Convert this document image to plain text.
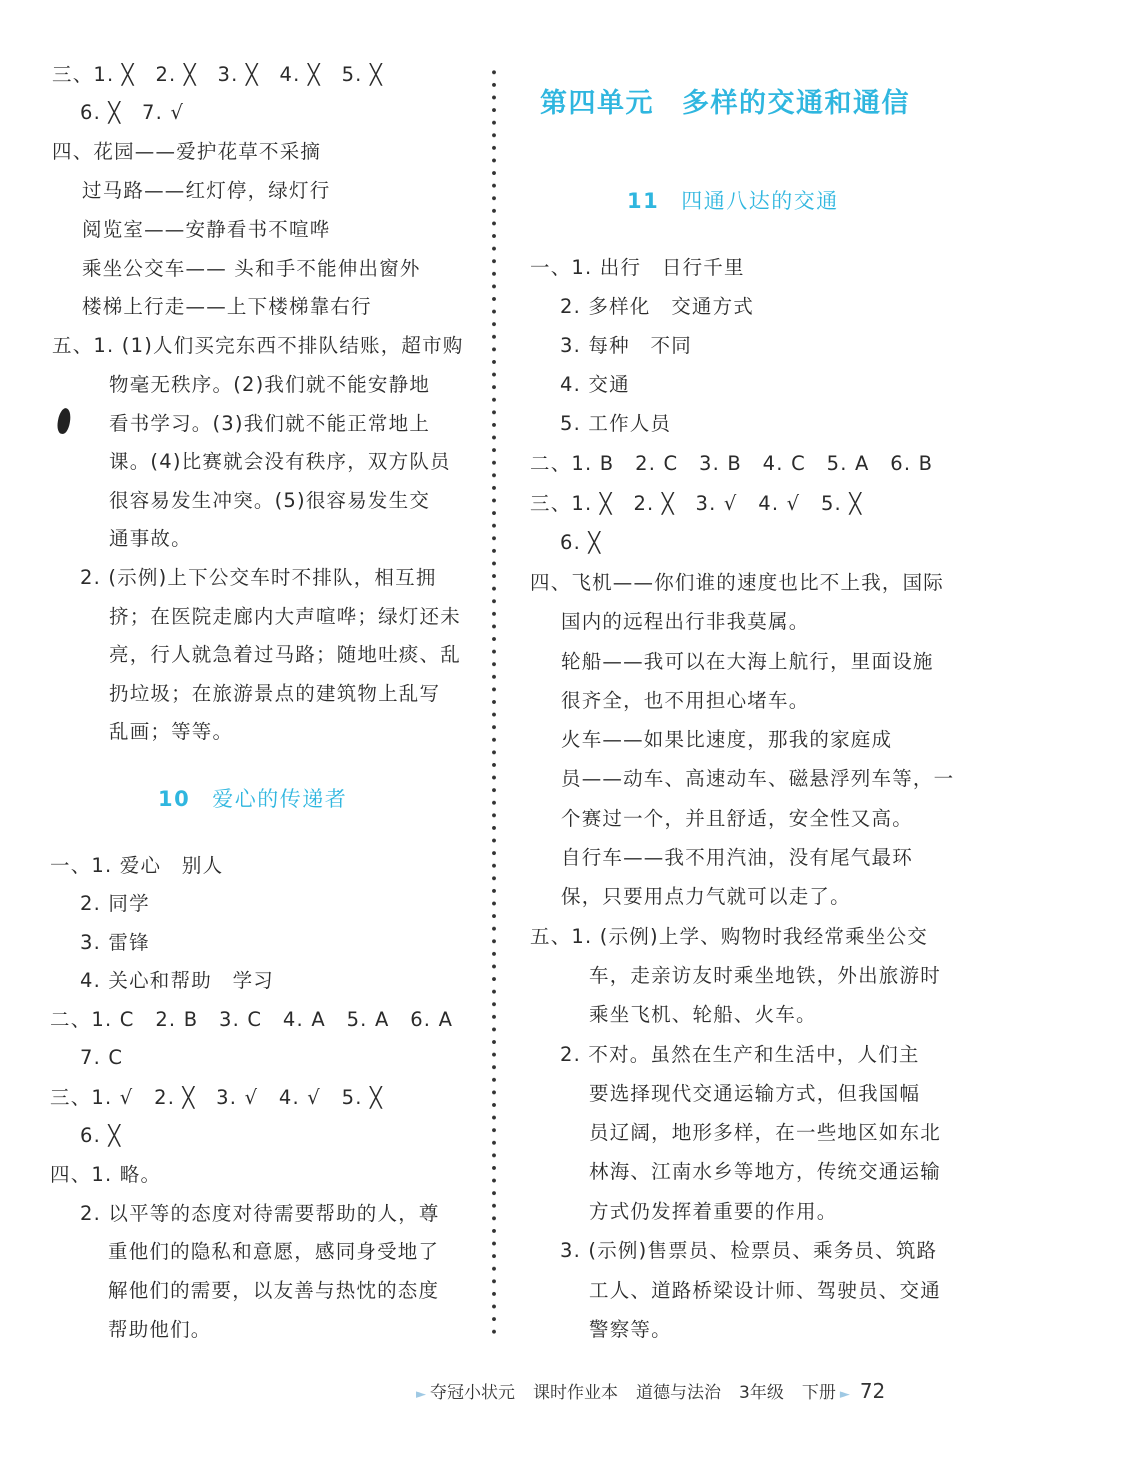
三、1. ╳　2. ╳　3. ╳　4. ╳　5. ╳
6. ╳　7. √
四、花园——爱护花草不采摘
过马路——红灯停，绿灯行
阅览室——安静看书不喧哗
乘坐公交车—— 头和手不能伸出窗外
楼梯上行走——上下楼梯靠右行
五、1. (1)人们买完东西不排队结账，超市购
物毫无秩序。(2)我们就不能安静地
看书学习。(3)我们就不能正常地上
课。(4)比赛就会没有秩序，双方队员
很容易发生冲突。(5)很容易发生交
通事故。
2. (示例)上下公交车时不排队，相互拥
挤；在医院走廊内大声喧哗；绿灯还未
亮，行人就急着过马路；随地吐痰、乱
扔垃圾；在旅游景点的建筑物上乱写
乱画；等等。
10 爱心的传递者
一、1. 爱心　别人
2. 同学
3. 雷锋
4. 关心和帮助　学习
二、1. C　2. B　3. C　4. A　5. A　6. A
7. C
三、1. √　2. ╳　3. √　4. √　5. ╳
6. ╳
四、1. 略。
2. 以平等的态度对待需要帮助的人，尊
重他们的隐私和意愿，感同身受地了
解他们的需要，以友善与热忱的态度
帮助他们。
第四单元 多样的交通和通信
11 四通八达的交通
一、1. 出行　日行千里
2. 多样化　交通方式
3. 每种　不同
4. 交通
5. 工作人员
二、1. B　2. C　3. B　4. C　5. A　6. B
三、1. ╳　2. ╳　3. √　4. √　5. ╳
6. ╳
四、飞机——你们谁的速度也比不上我，国际
国内的远程出行非我莫属。
轮船——我可以在大海上航行，里面设施
很齐全，也不用担心堵车。
火车——如果比速度，那我的家庭成
员——动车、高速动车、磁悬浮列车等，一
个赛过一个，并且舒适，安全性又高。
自行车——我不用汽油，没有尾气最环
保，只要用点力气就可以走了。
五、1. (示例)上学、购物时我经常乘坐公交
车，走亲访友时乘坐地铁，外出旅游时
乘坐飞机、轮船、火车。
2. 不对。虽然在生产和生活中，人们主
要选择现代交通运输方式，但我国幅
员辽阔，地形多样，在一些地区如东北
林海、江南水乡等地方，传统交通运输
方式仍发挥着重要的作用。
3. (示例)售票员、检票员、乘务员、筑路
工人、道路桥梁设计师、驾驶员、交通
警察等。
► 夺冠小状元 课时作业本 道德与法治 3年级 下册 ► 72
